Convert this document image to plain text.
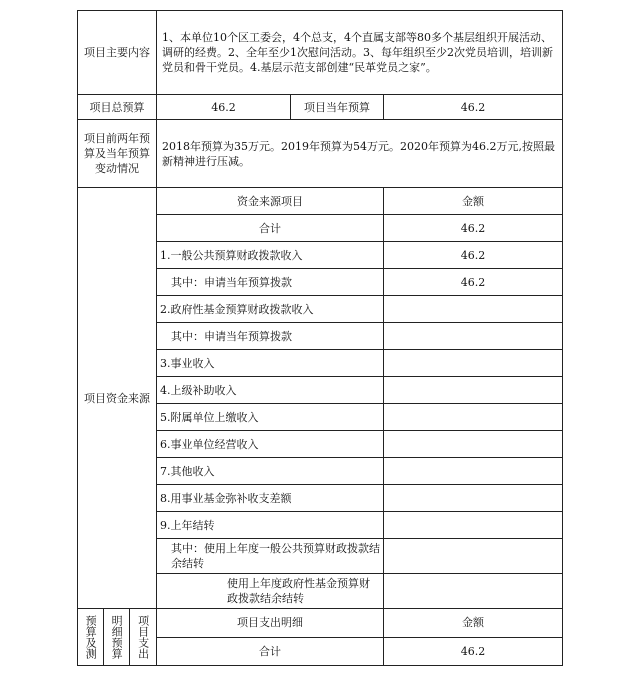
项目主要内容	1、本单位10个区工委会，4个总支，4个直属支部等80多个基层组织开展活动、调研的经费。2、全年至少1次慰问活动。3、每年组织至少2次党员培训，培训新党员和骨干党员。4.基层示范支部创建“民革党员之家”。
项目总预算	46.2	项目当年预算	46.2
项目前两年预算及当年预算变动情况	2018年预算为35万元。2019年预算为54万元。2020年预算为46.2万元,按照最新精神进行压减。
项目资金来源	资金来源项目	金额
合计	46.2
1.一般公共预算财政拨款收入	46.2
其中：申请当年预算拨款	46.2
2.政府性基金预算财政拨款收入	
其中：申请当年预算拨款	
3.事业收入	
4.上级补助收入	
5.附属单位上缴收入	
6.事业单位经营收入	
7.其他收入	
8.用事业基金弥补收支差额	
9.上年结转	
其中：使用上年度一般公共预算财政拨款结余结转	
使用上年度政府性基金预算财政拨款结余结转	

预算及测	明细预算	项目支出
		项目支出明细	金额
合计	46.2
